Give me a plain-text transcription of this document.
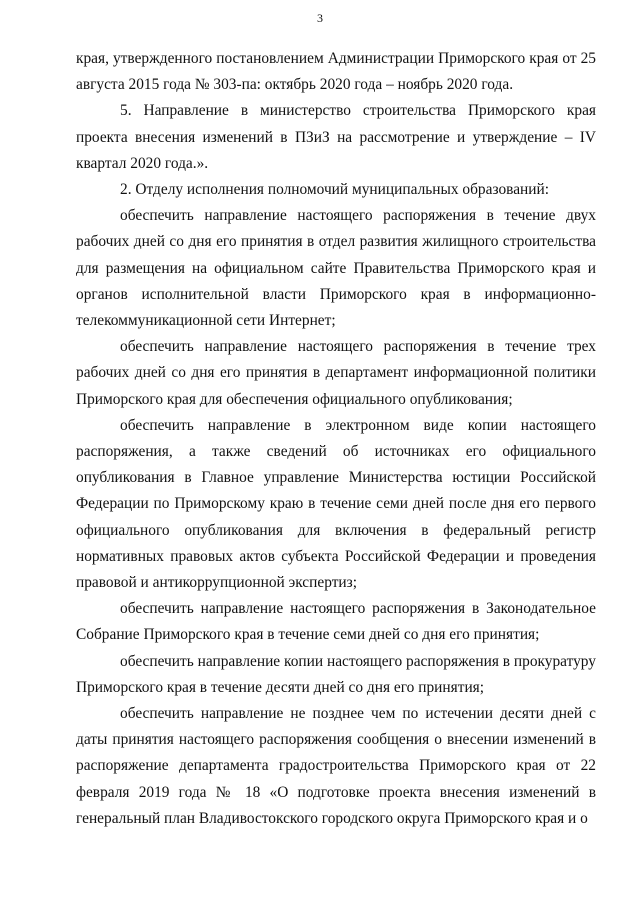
3

края, утвержденного постановлением Администрации Приморского края от 25 августа 2015 года № 303-па: октябрь 2020 года – ноябрь 2020 года.

5. Направление в министерство строительства Приморского края проекта внесения изменений в ПЗиЗ на рассмотрение и утверждение – IV квартал 2020 года.».

2. Отделу исполнения полномочий муниципальных образований:

обеспечить направление настоящего распоряжения в течение двух рабочих дней со дня его принятия в отдел развития жилищного строительства для размещения на официальном сайте Правительства Приморского края и органов исполнительной власти Приморского края в информационно-телекоммуникационной сети Интернет;

обеспечить направление настоящего распоряжения в течение трех рабочих дней со дня его принятия в департамент информационной политики Приморского края для обеспечения официального опубликования;

обеспечить направление в электронном виде копии настоящего распоряжения, а также сведений об источниках его официального опубликования в Главное управление Министерства юстиции Российской Федерации по Приморскому краю в течение семи дней после дня его первого официального опубликования для включения в федеральный регистр нормативных правовых актов субъекта Российской Федерации и проведения правовой и антикоррупционной экспертиз;

обеспечить направление настоящего распоряжения в Законодательное Собрание Приморского края в течение семи дней со дня его принятия;

обеспечить направление копии настоящего распоряжения в прокуратуру Приморского края в течение десяти дней со дня его принятия;

обеспечить направление не позднее чем по истечении десяти дней с даты принятия настоящего распоряжения сообщения о внесении изменений в распоряжение департамента градостроительства Приморского края от 22 февраля 2019 года № 18 «О подготовке проекта внесения изменений в генеральный план Владивостокского городского округа Приморского края и о
